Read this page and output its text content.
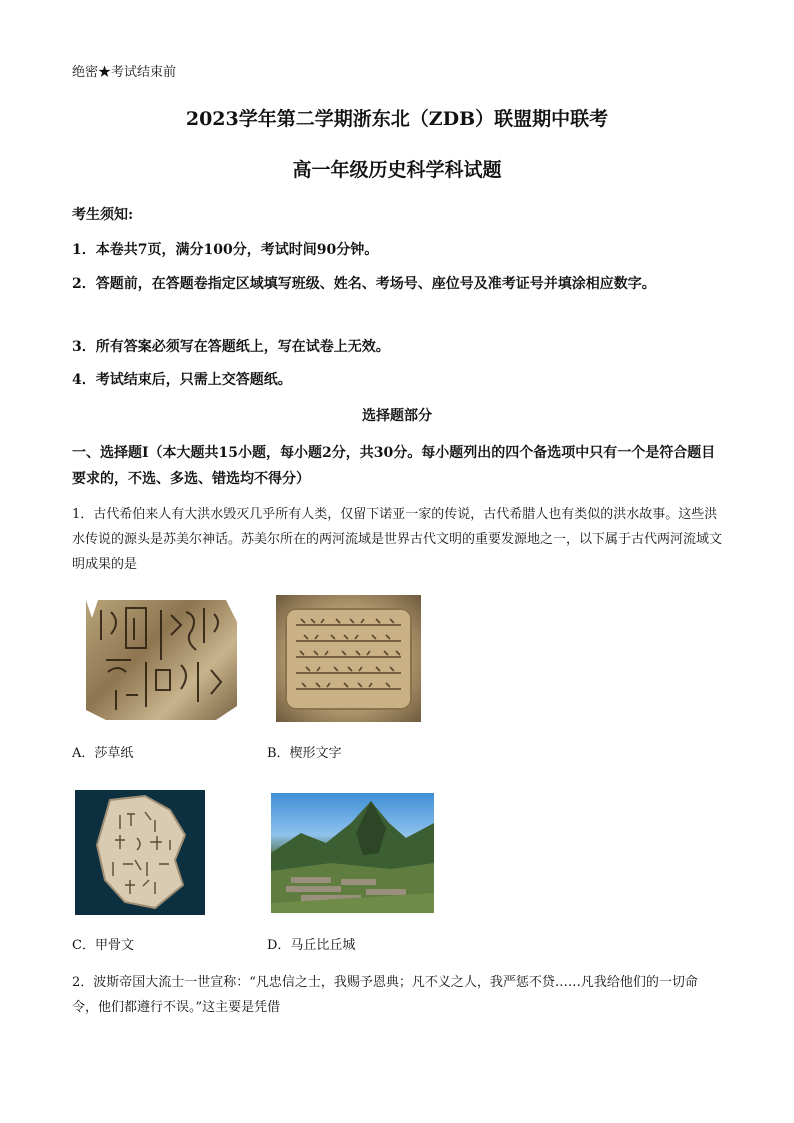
绝密★考试结束前
2023学年第二学期浙东北（ZDB）联盟期中联考
高一年级历史科学科试题
考生须知:
1．本卷共7页，满分100分，考试时间90分钟。
2．答题前，在答题卷指定区域填写班级、姓名、考场号、座位号及准考证号并填涂相应数字。
3．所有答案必须写在答题纸上，写在试卷上无效。
4．考试结束后，只需上交答题纸。
选择题部分
一、选择题Ⅰ（本大题共15小题，每小题2分，共30分。每小题列出的四个备选项中只有一个是符合题目要求的，不选、多选、错选均不得分）
1．古代希伯来人有大洪水毁灭几乎所有人类，仅留下诺亚一家的传说，古代希腊人也有类似的洪水故事。这些洪水传说的源头是苏美尔神话。苏美尔所在的两河流域是世界古代文明的重要发源地之一，以下属于古代两河流域文明成果的是
A．莎草纸	B．楔形文字
C．甲骨文	D．马丘比丘城
2．波斯帝国大流士一世宣称：“凡忠信之士，我赐予恩典；凡不义之人，我严惩不贷……凡我给他们的一切命令，他们都遵行不误。”这主要是凭借
